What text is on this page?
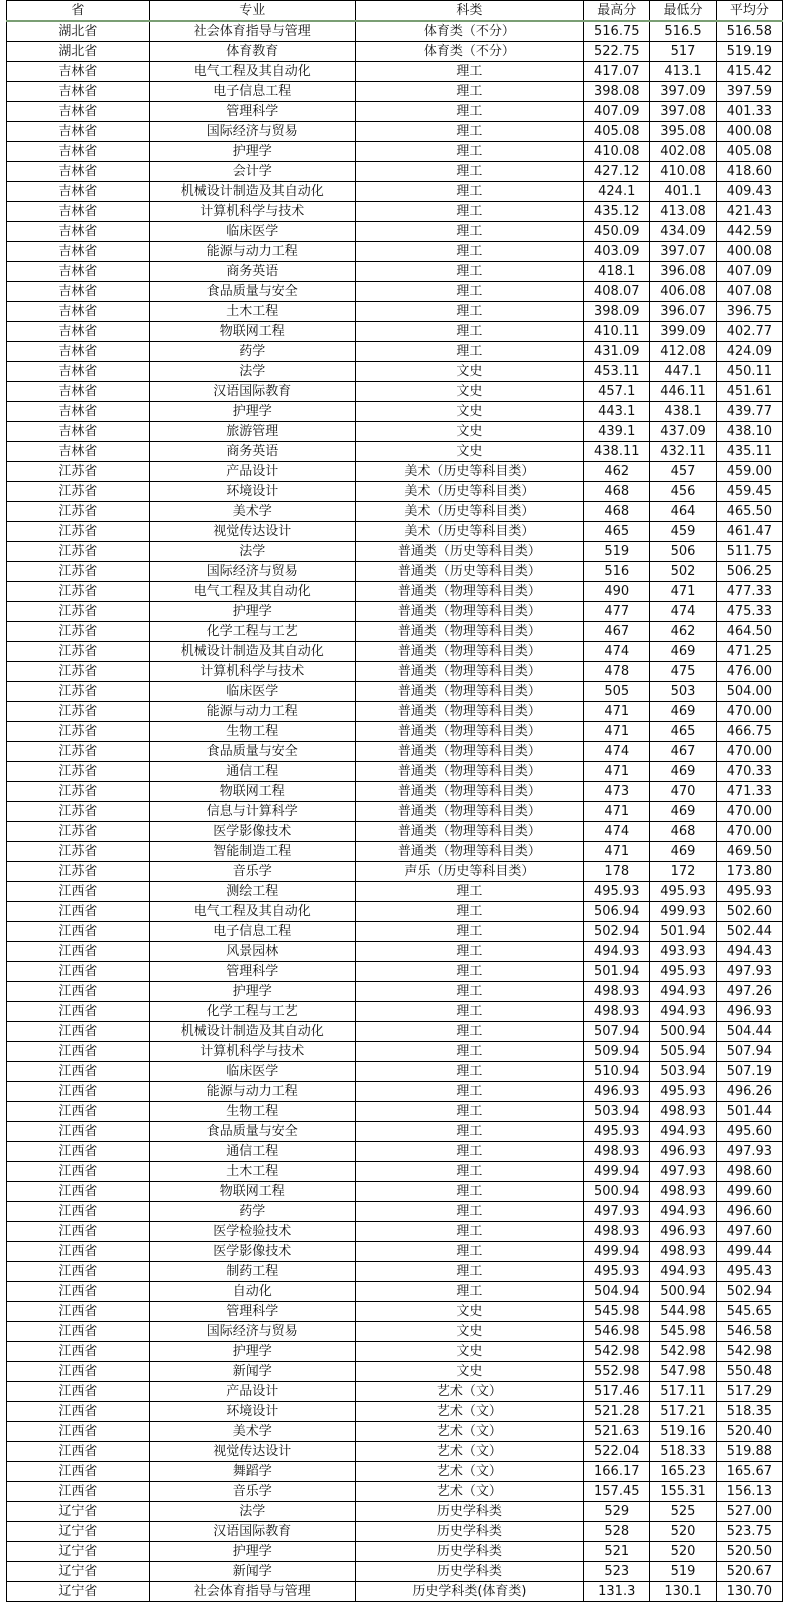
省	专业	科类	最高分	最低分	平均分
湖北省	社会体育指导与管理	体育类（不分）	516.75	516.5	516.58
湖北省	体育教育	体育类（不分）	522.75	517	519.19
吉林省	电气工程及其自动化	理工	417.07	413.1	415.42
吉林省	电子信息工程	理工	398.08	397.09	397.59
吉林省	管理科学	理工	407.09	397.08	401.33
吉林省	国际经济与贸易	理工	405.08	395.08	400.08
吉林省	护理学	理工	410.08	402.08	405.08
吉林省	会计学	理工	427.12	410.08	418.60
吉林省	机械设计制造及其自动化	理工	424.1	401.1	409.43
吉林省	计算机科学与技术	理工	435.12	413.08	421.43
吉林省	临床医学	理工	450.09	434.09	442.59
吉林省	能源与动力工程	理工	403.09	397.07	400.08
吉林省	商务英语	理工	418.1	396.08	407.09
吉林省	食品质量与安全	理工	408.07	406.08	407.08
吉林省	土木工程	理工	398.09	396.07	396.75
吉林省	物联网工程	理工	410.11	399.09	402.77
吉林省	药学	理工	431.09	412.08	424.09
吉林省	法学	文史	453.11	447.1	450.11
吉林省	汉语国际教育	文史	457.1	446.11	451.61
吉林省	护理学	文史	443.1	438.1	439.77
吉林省	旅游管理	文史	439.1	437.09	438.10
吉林省	商务英语	文史	438.11	432.11	435.11
江苏省	产品设计	美术（历史等科目类）	462	457	459.00
江苏省	环境设计	美术（历史等科目类）	468	456	459.45
江苏省	美术学	美术（历史等科目类）	468	464	465.50
江苏省	视觉传达设计	美术（历史等科目类）	465	459	461.47
江苏省	法学	普通类（历史等科目类）	519	506	511.75
江苏省	国际经济与贸易	普通类（历史等科目类）	516	502	506.25
江苏省	电气工程及其自动化	普通类（物理等科目类）	490	471	477.33
江苏省	护理学	普通类（物理等科目类）	477	474	475.33
江苏省	化学工程与工艺	普通类（物理等科目类）	467	462	464.50
江苏省	机械设计制造及其自动化	普通类（物理等科目类）	474	469	471.25
江苏省	计算机科学与技术	普通类（物理等科目类）	478	475	476.00
江苏省	临床医学	普通类（物理等科目类）	505	503	504.00
江苏省	能源与动力工程	普通类（物理等科目类）	471	469	470.00
江苏省	生物工程	普通类（物理等科目类）	471	465	466.75
江苏省	食品质量与安全	普通类（物理等科目类）	474	467	470.00
江苏省	通信工程	普通类（物理等科目类）	471	469	470.33
江苏省	物联网工程	普通类（物理等科目类）	473	470	471.33
江苏省	信息与计算科学	普通类（物理等科目类）	471	469	470.00
江苏省	医学影像技术	普通类（物理等科目类）	474	468	470.00
江苏省	智能制造工程	普通类（物理等科目类）	471	469	469.50
江苏省	音乐学	声乐（历史等科目类）	178	172	173.80
江西省	测绘工程	理工	495.93	495.93	495.93
江西省	电气工程及其自动化	理工	506.94	499.93	502.60
江西省	电子信息工程	理工	502.94	501.94	502.44
江西省	风景园林	理工	494.93	493.93	494.43
江西省	管理科学	理工	501.94	495.93	497.93
江西省	护理学	理工	498.93	494.93	497.26
江西省	化学工程与工艺	理工	498.93	494.93	496.93
江西省	机械设计制造及其自动化	理工	507.94	500.94	504.44
江西省	计算机科学与技术	理工	509.94	505.94	507.94
江西省	临床医学	理工	510.94	503.94	507.19
江西省	能源与动力工程	理工	496.93	495.93	496.26
江西省	生物工程	理工	503.94	498.93	501.44
江西省	食品质量与安全	理工	495.93	494.93	495.60
江西省	通信工程	理工	498.93	496.93	497.93
江西省	土木工程	理工	499.94	497.93	498.60
江西省	物联网工程	理工	500.94	498.93	499.60
江西省	药学	理工	497.93	494.93	496.60
江西省	医学检验技术	理工	498.93	496.93	497.60
江西省	医学影像技术	理工	499.94	498.93	499.44
江西省	制药工程	理工	495.93	494.93	495.43
江西省	自动化	理工	504.94	500.94	502.94
江西省	管理科学	文史	545.98	544.98	545.65
江西省	国际经济与贸易	文史	546.98	545.98	546.58
江西省	护理学	文史	542.98	542.98	542.98
江西省	新闻学	文史	552.98	547.98	550.48
江西省	产品设计	艺术（文）	517.46	517.11	517.29
江西省	环境设计	艺术（文）	521.28	517.21	518.35
江西省	美术学	艺术（文）	521.63	519.16	520.40
江西省	视觉传达设计	艺术（文）	522.04	518.33	519.88
江西省	舞蹈学	艺术（文）	166.17	165.23	165.67
江西省	音乐学	艺术（文）	157.45	155.31	156.13
辽宁省	法学	历史学科类	529	525	527.00
辽宁省	汉语国际教育	历史学科类	528	520	523.75
辽宁省	护理学	历史学科类	521	520	520.50
辽宁省	新闻学	历史学科类	523	519	520.67
辽宁省	社会体育指导与管理	历史学科类(体育类)	131.3	130.1	130.70
